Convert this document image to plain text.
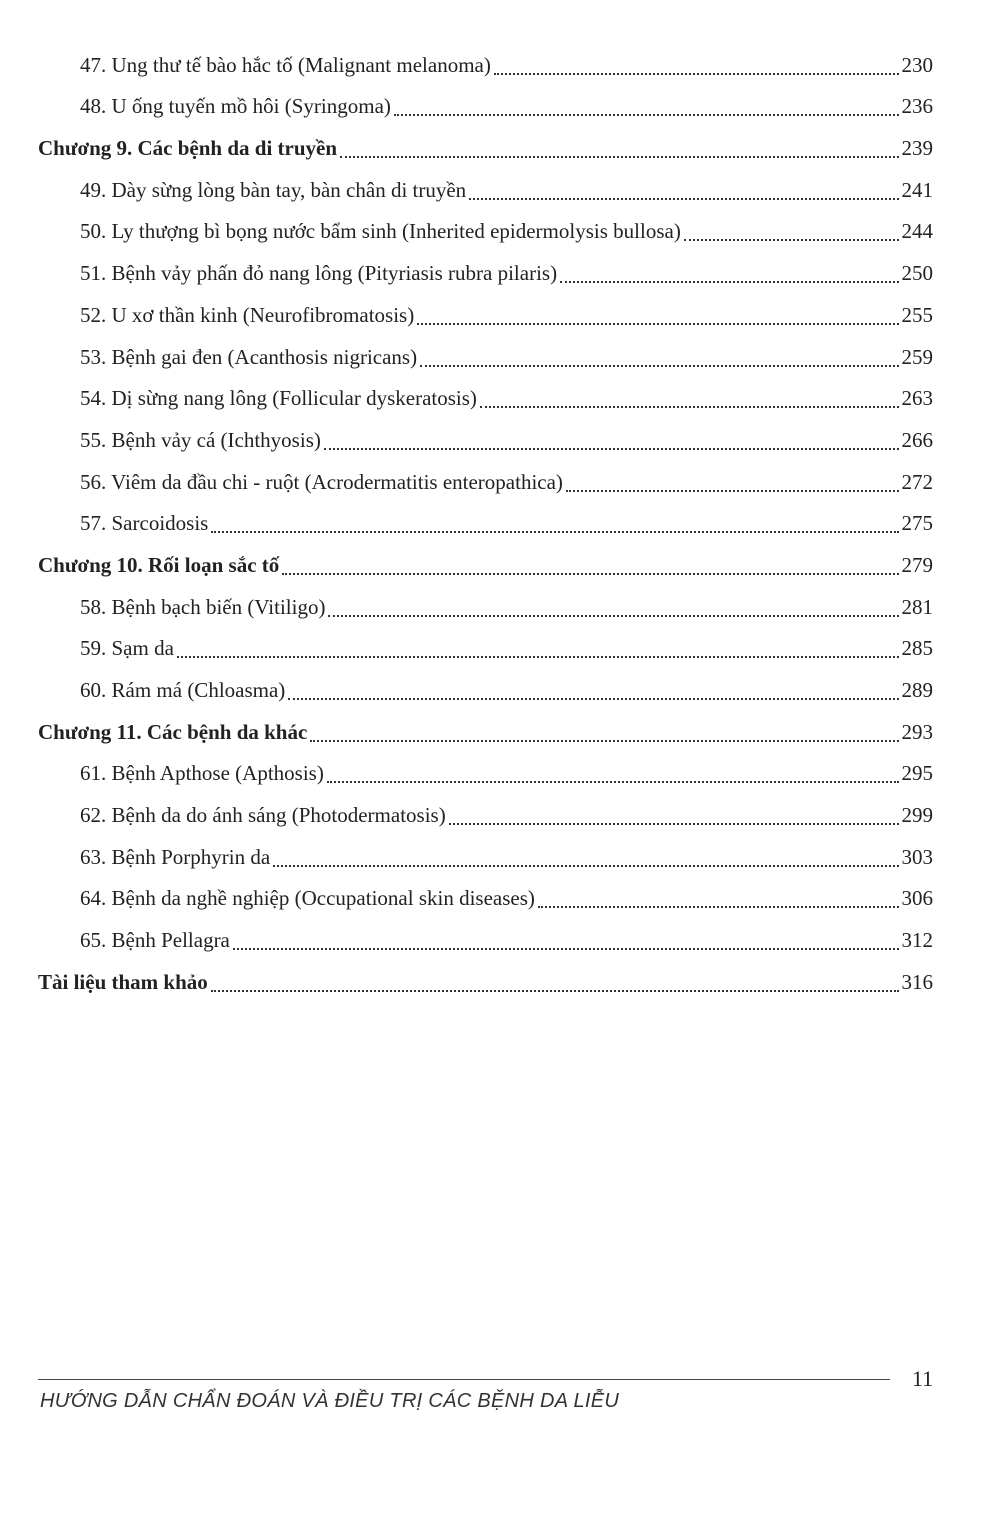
47. Ung thư tế bào hắc tố (Malignant melanoma)	230
48. U ống tuyến mồ hôi (Syringoma)	236
Chương 9. Các bệnh da di truyền	239
49. Dày sừng lòng bàn tay, bàn chân di truyền	241
50. Ly thượng bì bọng nước bẩm sinh (Inherited epidermolysis bullosa)	244
51. Bệnh vảy phấn đỏ nang lông (Pityriasis rubra pilaris)	250
52. U xơ thần kinh (Neurofibromatosis)	255
53. Bệnh gai đen (Acanthosis nigricans)	259
54. Dị sừng nang lông (Follicular dyskeratosis)	263
55. Bệnh vảy cá (Ichthyosis)	266
56. Viêm da đầu chi - ruột (Acrodermatitis enteropathica)	272
57. Sarcoidosis	275
Chương 10. Rối loạn sắc tố	279
58. Bệnh bạch biến (Vitiligo)	281
59. Sạm da	285
60. Rám má (Chloasma)	289
Chương 11. Các bệnh da khác	293
61. Bệnh Apthose (Apthosis)	295
62. Bệnh da do ánh sáng (Photodermatosis)	299
63. Bệnh Porphyrin da	303
64. Bệnh da nghề nghiệp (Occupational skin diseases)	306
65. Bệnh Pellagra	312
Tài liệu tham khảo	316
11
HƯỚNG DẪN CHẨN ĐOÁN VÀ ĐIỀU TRỊ CÁC BỆNH DA LIỄU
